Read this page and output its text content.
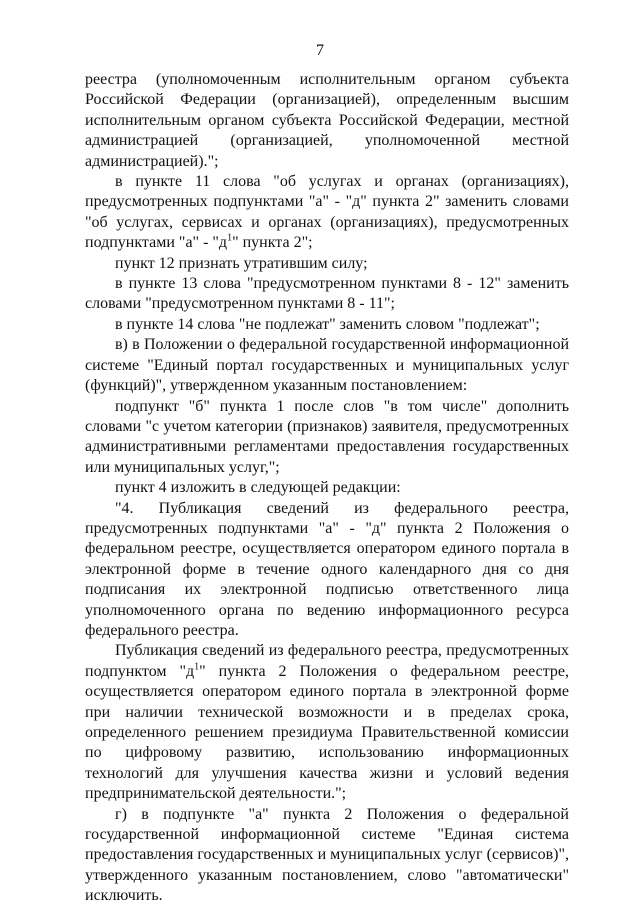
7

реестра (уполномоченным исполнительным органом субъекта Российской Федерации (организацией), определенным высшим исполнительным органом субъекта Российской Федерации, местной администрацией (организацией, уполномоченной местной администрацией).";

в пункте 11 слова "об услугах и органах (организациях), предусмотренных подпунктами "а" - "д" пункта 2" заменить словами "об услугах, сервисах и органах (организациях), предусмотренных подпунктами "а" - "$д^1$" пункта 2";

пункт 12 признать утратившим силу;

в пункте 13 слова "предусмотренном пунктами 8 - 12" заменить словами "предусмотренном пунктами 8 - 11";

в пункте 14 слова "не подлежат" заменить словом "подлежат";

в) в Положении о федеральной государственной информационной системе "Единый портал государственных и муниципальных услуг (функций)", утвержденном указанным постановлением:

подпункт "б" пункта 1 после слов "в том числе" дополнить словами "с учетом категории (признаков) заявителя, предусмотренных административными регламентами предоставления государственных или муниципальных услуг,";

пункт 4 изложить в следующей редакции:

"4. Публикация сведений из федерального реестра, предусмотренных подпунктами "а" - "д" пункта 2 Положения о федеральном реестре, осуществляется оператором единого портала в электронной форме в течение одного календарного дня со дня подписания их электронной подписью ответственного лица уполномоченного органа по ведению информационного ресурса федерального реестра.

Публикация сведений из федерального реестра, предусмотренных подпунктом "$д^1$" пункта 2 Положения о федеральном реестре, осуществляется оператором единого портала в электронной форме при наличии технической возможности и в пределах срока, определенного решением президиума Правительственной комиссии по цифровому развитию, использованию информационных технологий для улучшения качества жизни и условий ведения предпринимательской деятельности.";

г) в подпункте "а" пункта 2 Положения о федеральной государственной информационной системе "Единая система предоставления государственных и муниципальных услуг (сервисов)", утвержденного указанным постановлением, слово "автоматически" исключить.
